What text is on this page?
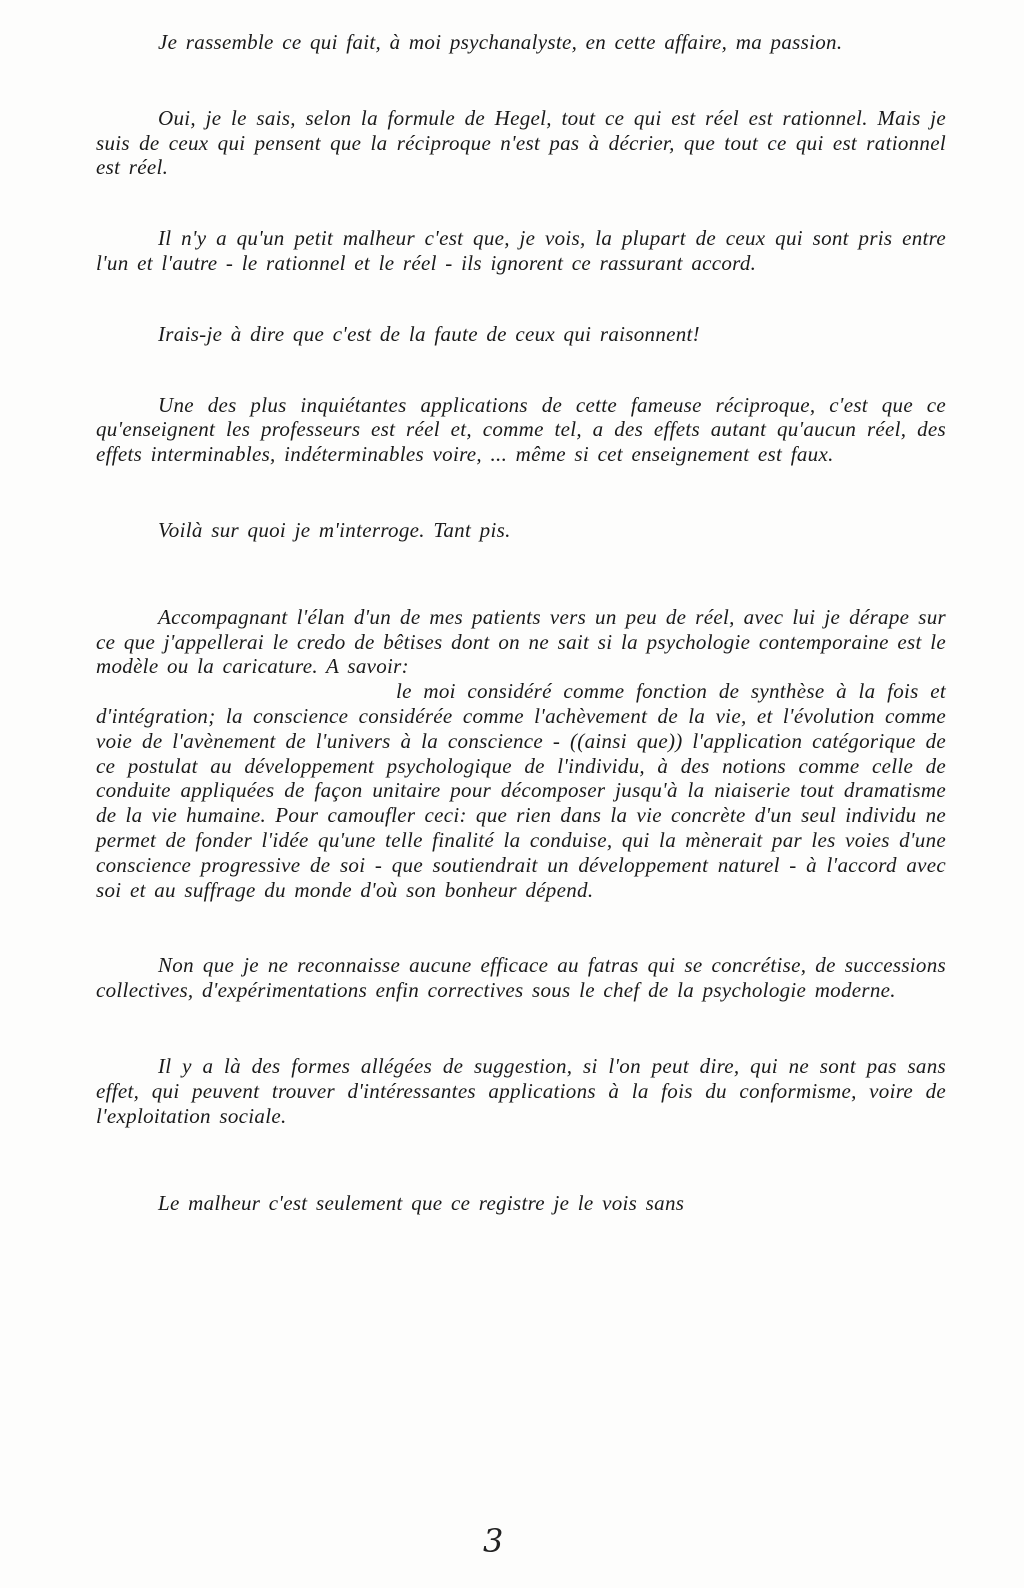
Je rassemble ce qui fait, à moi psychanalyste, en cette affaire, ma passion.

Oui, je le sais, selon la formule de Hegel, tout ce qui est réel est rationnel. Mais je suis de ceux qui pensent que la réciproque n'est pas à décrier, que tout ce qui est rationnel est réel.

Il n'y a qu'un petit malheur c'est que, je vois, la plupart de ceux qui sont pris entre l'un et l'autre - le rationnel et le réel - ils ignorent ce rassurant accord.

Irais-je à dire que c'est de la faute de ceux qui raisonnent!

Une des plus inquiétantes applications de cette fameuse réciproque, c'est que ce qu'enseignent les professeurs est réel et, comme tel, a des effets autant qu'aucun réel, des effets interminables, indéterminables voire, ... même si cet enseignement est faux.

Voilà sur quoi je m'interroge. Tant pis.

Accompagnant l'élan d'un de mes patients vers un peu de réel, avec lui je dérape sur ce que j'appellerai le credo de bêtises dont on ne sait si la psychologie contemporaine est le modèle ou la caricature. A savoir:

le moi considéré comme fonction de synthèse à la fois et d'intégration; la conscience considérée comme l'achèvement de la vie, et l'évolution comme voie de l'avènement de l'univers à la conscience - ((ainsi que)) l'application catégorique de ce postulat au développement psychologique de l'individu, à des notions comme celle de conduite appliquées de façon unitaire pour décomposer jusqu'à la niaiserie tout dramatisme de la vie humaine. Pour camoufler ceci: que rien dans la vie concrète d'un seul individu ne permet de fonder l'idée qu'une telle finalité la conduise, qui la mènerait par les voies d'une conscience progressive de soi - que soutiendrait un développement naturel - à l'accord avec soi et au suffrage du monde d'où son bonheur dépend.

Non que je ne reconnaisse aucune efficace au fatras qui se concrétise, de successions collectives, d'expérimentations enfin correctives sous le chef de la psychologie moderne.

Il y a là des formes allégées de suggestion, si l'on peut dire, qui ne sont pas sans effet, qui peuvent trouver d'intéressantes applications à la fois du conformisme, voire de l'exploitation sociale.

Le malheur c'est seulement que ce registre je le vois sans

3
